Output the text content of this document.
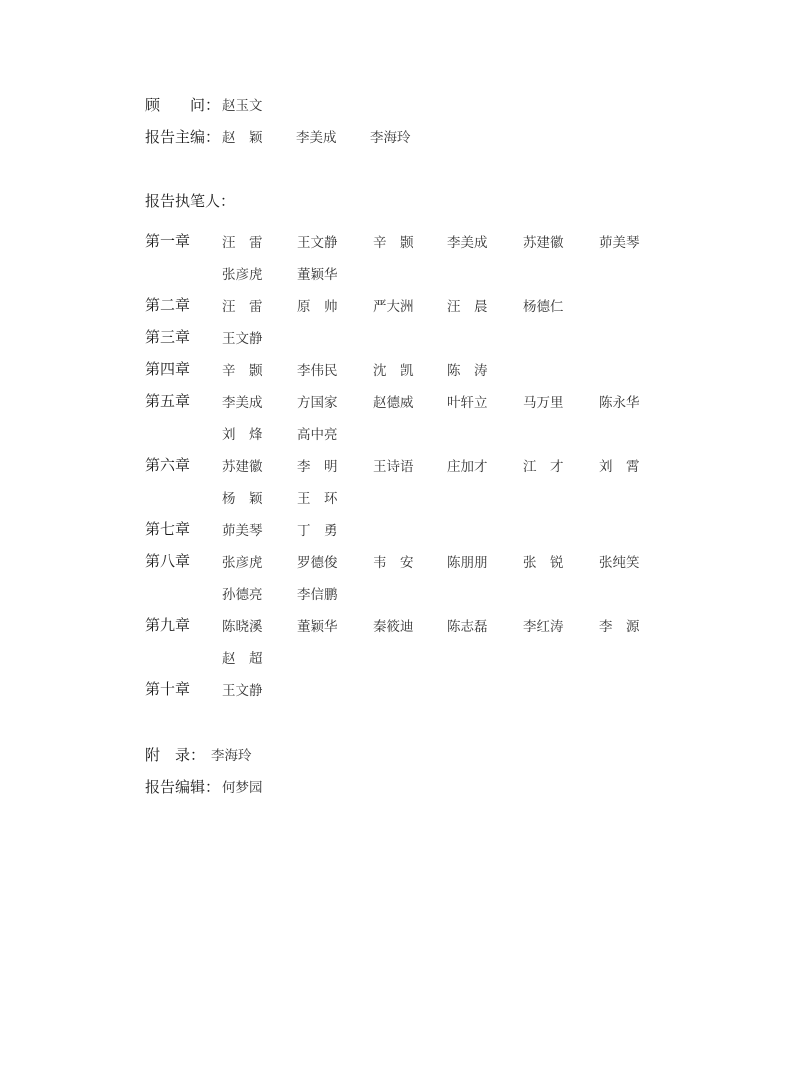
顾　　问： 赵玉文
报告主编： 赵　颖	李美成	李海玲
报告执笔人：
第一章 汪　雷	王文静	辛　颢 李美成	苏建徽	茆美琴
张彦虎	董颖华
第二章 汪　雷	原　帅	严大洲 汪　晨	杨德仁
第三章 王文静
第四章 辛　颢	李伟民	沈　凯 陈　涛
第五章 李美成	方国家	赵德威 叶轩立	马万里	陈永华
刘　烽	高中亮
第六章 苏建徽	李　明	王诗语 庄加才	江　才	刘　霄
杨　颖	王　环
第七章 茆美琴	丁　勇
第八章 张彦虎	罗德俊	韦　安 陈朋朋	张　锐	张纯笑
孙德亮	李信鹏
第九章 陈晓溪	董颖华	秦筱迪 陈志磊	李红涛	李　源
赵　超
第十章 王文静
附　录： 李海玲
报告编辑： 何梦园
